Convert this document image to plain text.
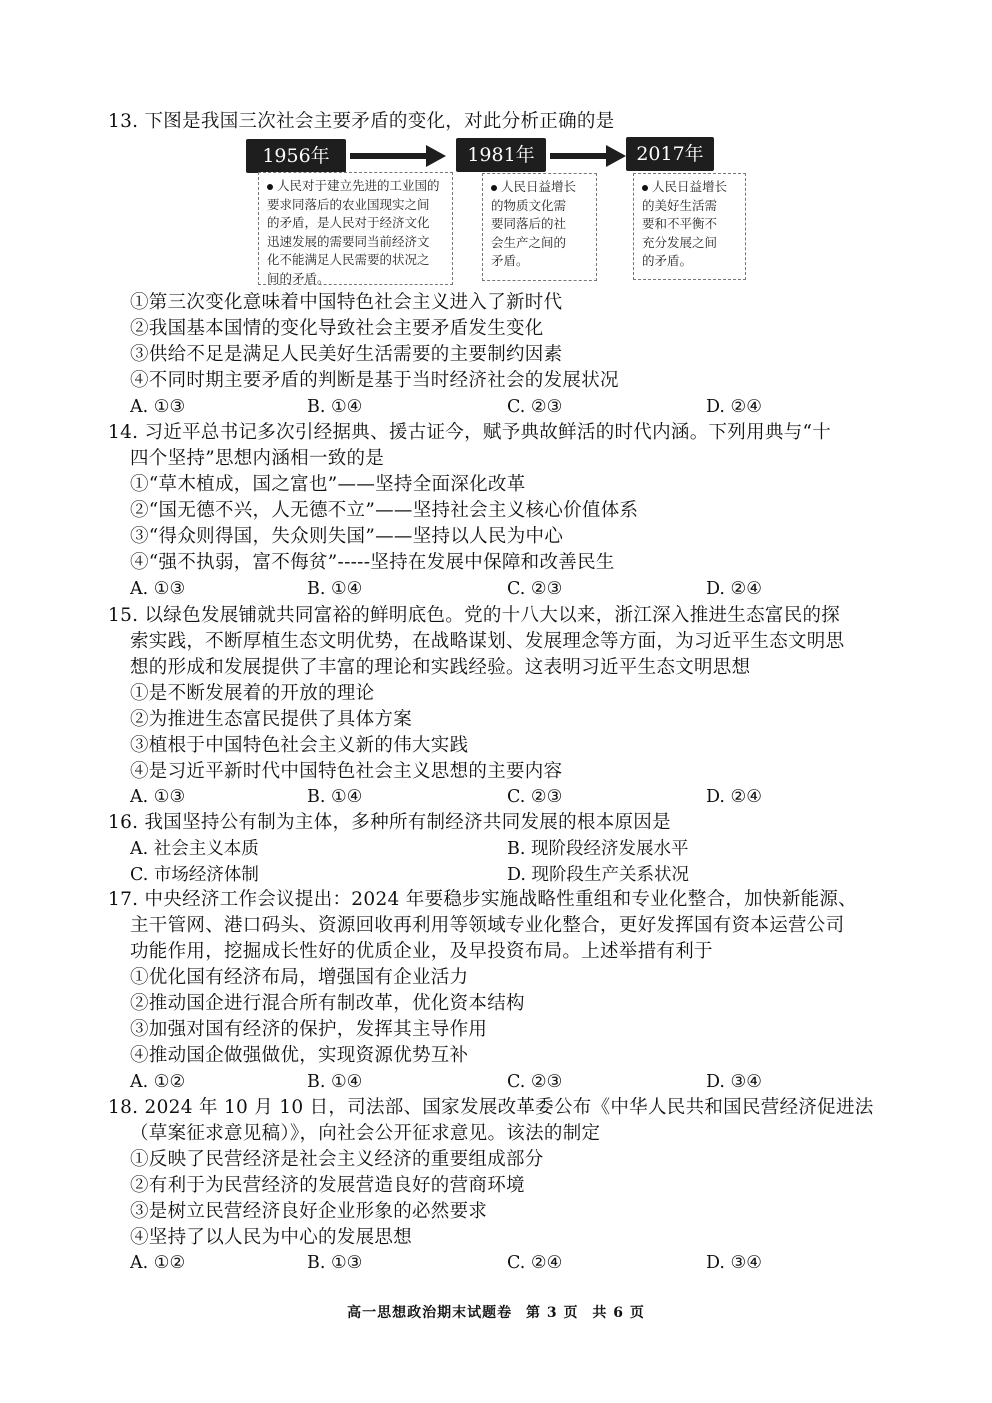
13. 下图是我国三次社会主要矛盾的变化，对此分析正确的是
1956年	1981年	2017年
人民对于建立先进的工业国的
要求同落后的农业国现实之间
的矛盾，是人民对于经济文化
迅速发展的需要同当前经济文
化不能满足人民需要的状况之
间的矛盾。
人民日益增长
的物质文化需
要同落后的社
会生产之间的
矛盾。
人民日益增长
的美好生活需
要和不平衡不
充分发展之间
的矛盾。
①第三次变化意味着中国特色社会主义进入了新时代
②我国基本国情的变化导致社会主要矛盾发生变化
③供给不足是满足人民美好生活需要的主要制约因素
④不同时期主要矛盾的判断是基于当时经济社会的发展状况
A. ①③	B. ①④	C. ②③	D. ②④
14. 习近平总书记多次引经据典、援古证今，赋予典故鲜活的时代内涵。下列用典与“十
四个坚持”思想内涵相一致的是
①“草木植成，国之富也”——坚持全面深化改革
②“国无德不兴，人无德不立”——坚持社会主义核心价值体系
③“得众则得国，失众则失国”——坚持以人民为中心
④“强不执弱，富不侮贫”-----坚持在发展中保障和改善民生
A. ①③	B. ①④	C. ②③	D. ②④
15. 以绿色发展铺就共同富裕的鲜明底色。党的十八大以来，浙江深入推进生态富民的探
索实践，不断厚植生态文明优势，在战略谋划、发展理念等方面，为习近平生态文明思
想的形成和发展提供了丰富的理论和实践经验。这表明习近平生态文明思想
①是不断发展着的开放的理论
②为推进生态富民提供了具体方案
③植根于中国特色社会主义新的伟大实践
④是习近平新时代中国特色社会主义思想的主要内容
A. ①③	B. ①④	C. ②③	D. ②④
16. 我国坚持公有制为主体，多种所有制经济共同发展的根本原因是
A. 社会主义本质	B. 现阶段经济发展水平
C. 市场经济体制	D. 现阶段生产关系状况
17. 中央经济工作会议提出：2024 年要稳步实施战略性重组和专业化整合，加快新能源、
主干管网、港口码头、资源回收再利用等领域专业化整合，更好发挥国有资本运营公司
功能作用，挖掘成长性好的优质企业，及早投资布局。上述举措有利于
①优化国有经济布局，增强国有企业活力
②推动国企进行混合所有制改革，优化资本结构
③加强对国有经济的保护，发挥其主导作用
④推动国企做强做优，实现资源优势互补
A. ①②	B. ①④	C. ②③	D. ③④
18. 2024 年 10 月 10 日，司法部、国家发展改革委公布《中华人民共和国民营经济促进法
（草案征求意见稿）》，向社会公开征求意见。该法的制定
①反映了民营经济是社会主义经济的重要组成部分
②有利于为民营经济的发展营造良好的营商环境
③是树立民营经济良好企业形象的必然要求
④坚持了以人民为中心的发展思想
A. ①②	B. ①③	C. ②④	D. ③④
高一思想政治期末试题卷 第 3 页 共 6 页
